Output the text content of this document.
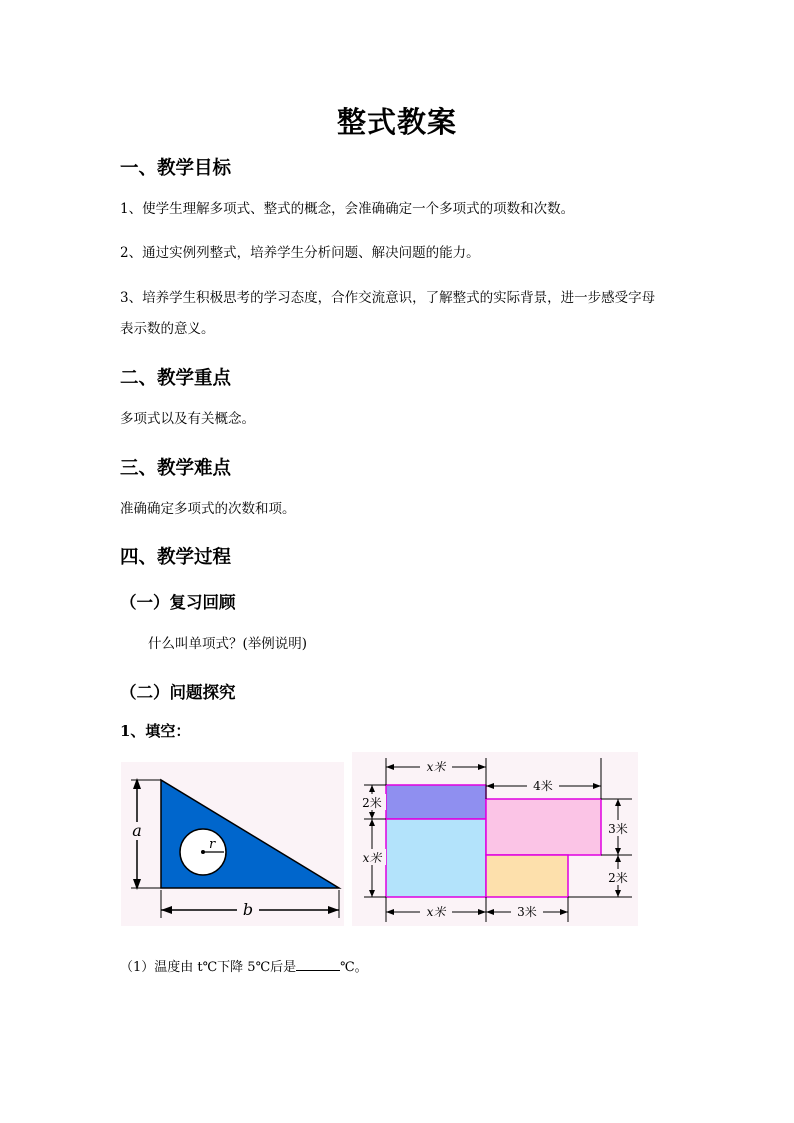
整式教案
一、教学目标
1、使学生理解多项式、整式的概念，会准确确定一个多项式的项数和次数。
2、通过实例列整式，培养学生分析问题、解决问题的能力。
3、培养学生积极思考的学习态度，合作交流意识，了解整式的实际背景，进一步感受字母
表示数的意义。
二、教学重点
多项式以及有关概念。
三、教学难点
准确确定多项式的次数和项。
四、教学过程
（一）复习回顾
什么叫单项式？(举例说明)
（二）问题探究
1、填空：
a
r
b
x米
4米
2米
x米
3米
2米
x米	3米
（1）温度由 t℃下降 5℃后是	℃。
